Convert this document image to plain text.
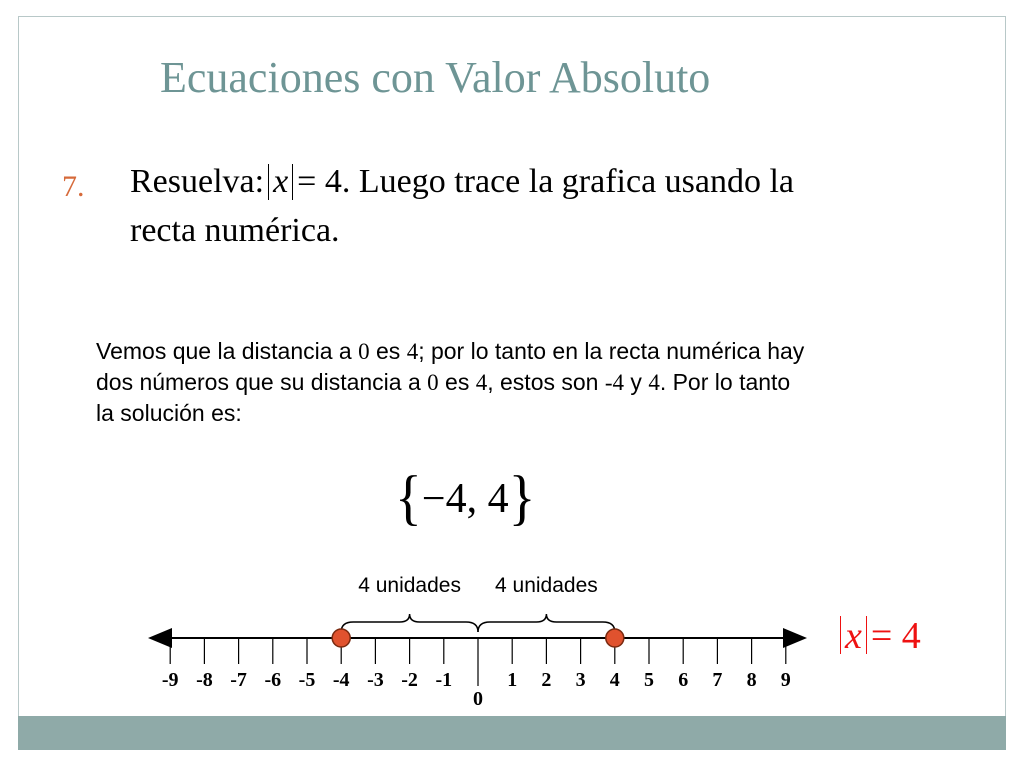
Ecuaciones con Valor Absoluto
7. Resuelva: x = 4. Luego trace la grafica usando la
recta numérica.
Vemos que la distancia a 0 es 4; por lo tanto en la recta numérica hay
dos números que su distancia a 0 es 4, estos son -4 y 4. Por lo tanto
la solución es:
{−4, 4}
x = 4
-9 -8 -7 -6 -5 -4 -3 -2 -1
0
1 2 3 4 5 6 7 8 9
4 unidades 4 unidades
